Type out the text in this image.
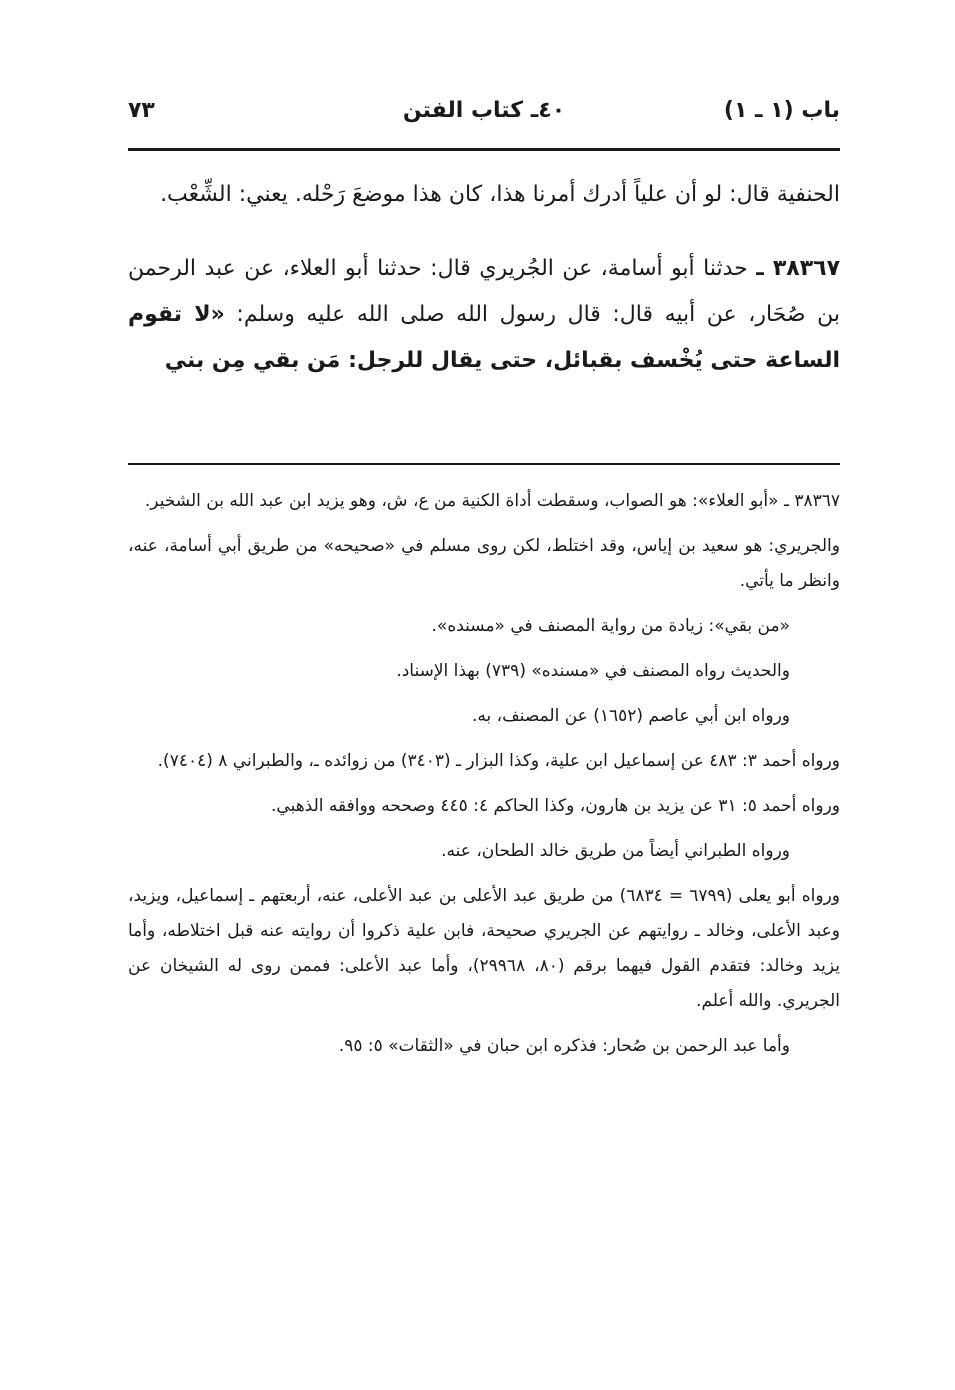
باب (١ ـ ١)
٤٠ـ كتاب الفتن
٧٣

الحنفية قال: لو أن علياً أدرك أمرنا هذا، كان هذا موضعَ رَحْله. يعني: الشِّعْب.

٣٨٣٦٧ ـ حدثنا أبو أسامة، عن الجُريري قال: حدثنا أبو العلاء، عن عبد الرحمن بن صُحَار، عن أبيه قال: قال رسول الله صلى الله عليه وسلم: «لا تقوم الساعة حتى يُخْسف بقبائل، حتى يقال للرجل: مَن بقي مِن بني

٣٨٣٦٧ ـ «أبو العلاء»: هو الصواب، وسقطت أداة الكنية من ع، ش، وهو يزيد ابن عبد الله بن الشخير.

والجريري: هو سعيد بن إياس، وقد اختلط، لكن روى مسلم في «صحيحه» من طريق أبي أسامة، عنه، وانظر ما يأتي.

«من بقي»: زيادة من رواية المصنف في «مسنده».

والحديث رواه المصنف في «مسنده» (٧٣٩) بهذا الإسناد.

ورواه ابن أبي عاصم (١٦٥٢) عن المصنف، به.

ورواه أحمد ٣: ٤٨٣ عن إسماعيل ابن علية، وكذا البزار ـ (٣٤٠٣) من زوائده ـ، والطبراني ٨ (٧٤٠٤).

ورواه أحمد ٥: ٣١ عن يزيد بن هارون، وكذا الحاكم ٤: ٤٤٥ وصححه ووافقه الذهبي.

ورواه الطبراني أيضاً من طريق خالد الطحان، عنه.

ورواه أبو يعلى (٦٧٩٩ = ٦٨٣٤) من طريق عبد الأعلى بن عبد الأعلى، عنه، أربعتهم ـ إسماعيل، ويزيد، وعبد الأعلى، وخالد ـ روايتهم عن الجريري صحيحة، فابن علية ذكروا أن روايته عنه قبل اختلاطه، وأما يزيد وخالد: فتقدم القول فيهما برقم (٨٠، ٢٩٩٦٨)، وأما عبد الأعلى: فممن روى له الشيخان عن الجريري. والله أعلم.

وأما عبد الرحمن بن صُحار: فذكره ابن حبان في «الثقات» ٥: ٩٥.
